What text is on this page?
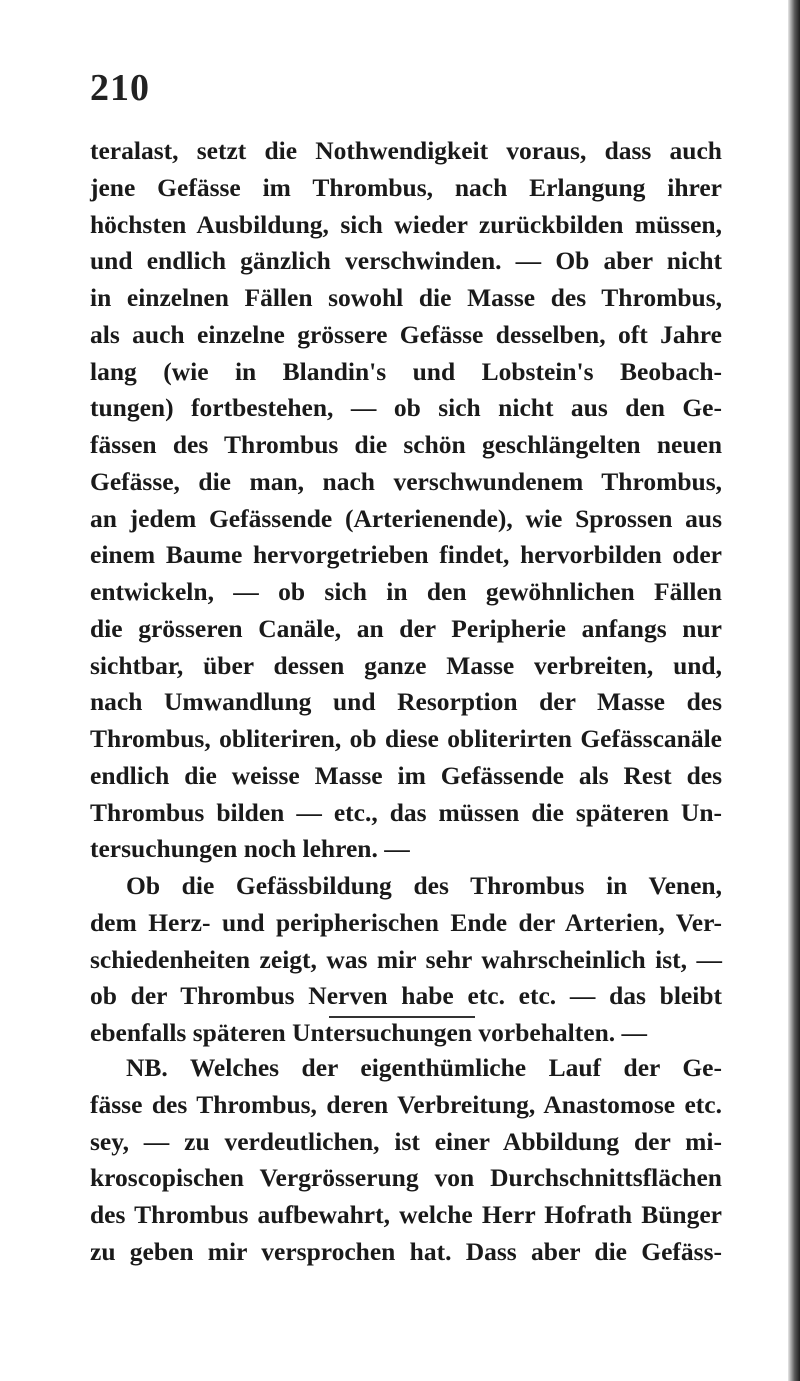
210
teralast, setzt die Nothwendigkeit voraus, dass auch
jene Gefässe im Thrombus, nach Erlangung ihrer
höchsten Ausbildung, sich wieder zurückbilden müssen,
und endlich gänzlich verschwinden. — Ob aber nicht
in einzelnen Fällen sowohl die Masse des Thrombus,
als auch einzelne grössere Gefässe desselben, oft Jahre
lang (wie in Blandin's und Lobstein's Beobach-
tungen) fortbestehen, — ob sich nicht aus den Ge-
fässen des Thrombus die schön geschlängelten neuen
Gefässe, die man, nach verschwundenem Thrombus,
an jedem Gefässende (Arterienende), wie Sprossen aus
einem Baume hervorgetrieben findet, hervorbilden oder
entwickeln, — ob sich in den gewöhnlichen Fällen
die grösseren Canäle, an der Peripherie anfangs nur
sichtbar, über dessen ganze Masse verbreiten, und,
nach Umwandlung und Resorption der Masse des
Thrombus, obliteriren, ob diese obliterirten Gefässcanäle
endlich die weisse Masse im Gefässende als Rest des
Thrombus bilden — etc., das müssen die späteren Un-
tersuchungen noch lehren. —
Ob die Gefässbildung des Thrombus in Venen,
dem Herz- und peripherischen Ende der Arterien, Ver-
schiedenheiten zeigt, was mir sehr wahrscheinlich ist, —
ob der Thrombus Nerven habe etc. etc. — das bleibt
ebenfalls späteren Untersuchungen vorbehalten. —
NB. Welches der eigenthümliche Lauf der Ge-
fässe des Thrombus, deren Verbreitung, Anastomose etc.
sey, — zu verdeutlichen, ist einer Abbildung der mi-
kroscopischen Vergrösserung von Durchschnittsflächen
des Thrombus aufbewahrt, welche Herr Hofrath Bünger
zu geben mir versprochen hat. Dass aber die Gefäss-
